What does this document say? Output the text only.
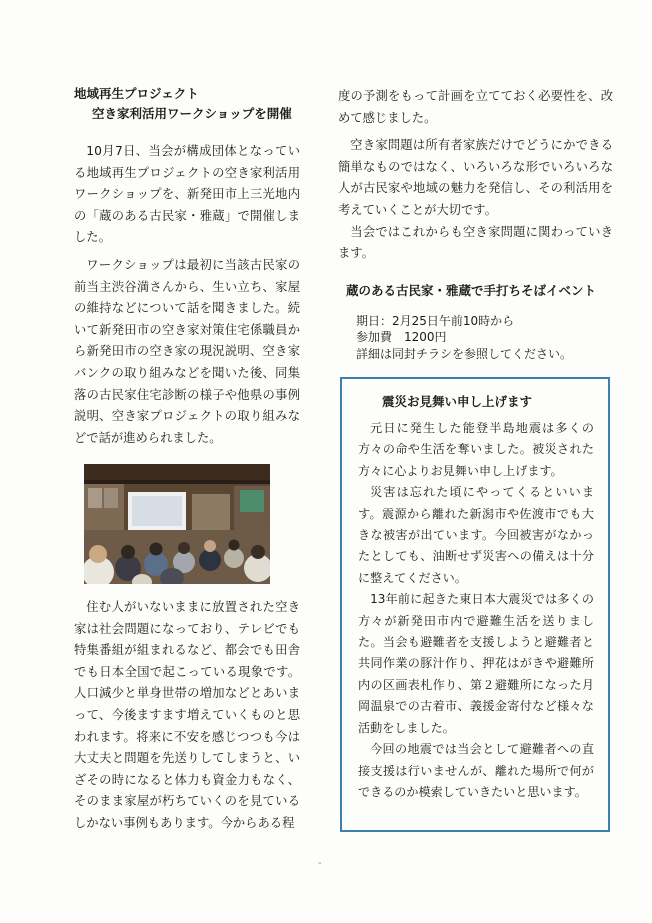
地域再生プロジェクト
空き家利活用ワークショップを開催

10月7日、当会が構成団体となっている地域再生プロジェクトの空き家利活用ワークショップを、新発田市上三光地内の「蔵のある古民家・雅蔵」で開催しました。

ワークショップは最初に当該古民家の前当主渋谷満さんから、生い立ち、家屋の維持などについて話を聞きました。続いて新発田市の空き家対策住宅係職員から新発田市の空き家の現況説明、空き家バンクの取り組みなどを聞いた後、同集落の古民家住宅診断の様子や他県の事例説明、空き家プロジェクトの取り組みなどで話が進められました。

住む人がいないままに放置された空き家は社会問題になっており、テレビでも特集番組が組まれるなど、都会でも田舎でも日本全国で起こっている現象です。人口減少と単身世帯の増加などとあいまって、今後ますます増えていくものと思われます。将来に不安を感じつつも今は大丈夫と問題を先送りしてしまうと、いざその時になると体力も資金力もなく、そのまま家屋が朽ちていくのを見ているしかない事例もあります。今からある程

度の予測をもって計画を立てておく必要性を、改めて感じました。

空き家問題は所有者家族だけでどうにかできる簡単なものではなく、いろいろな形でいろいろな人が古民家や地域の魅力を発信し、その利活用を考えていくことが大切です。

当会ではこれからも空き家問題に関わっていきます。

蔵のある古民家・雅蔵で手打ちそばイベント
期日：2月25日午前10時から
参加費　1200円
詳細は同封チラシを参照してください。
震災お見舞い申し上げます

元日に発生した能登半島地震は多くの方々の命や生活を奪いました。被災された方々に心よりお見舞い申し上げます。

災害は忘れた頃にやってくるといいます。震源から離れた新潟市や佐渡市でも大きな被害が出ています。今回被害がなかったとしても、油断せず災害への備えは十分に整えてください。

13年前に起きた東日本大震災では多くの方々が新発田市内で避難生活を送りました。当会も避難者を支援しようと避難者と共同作業の豚汁作り、押花はがきや避難所内の区画表札作り、第２避難所になった月岡温泉での古着市、義援金寄付など様々な活動をしました。

今回の地震では当会として避難者への直接支援は行いませんが、離れた場所で何ができるのか模索していきたいと思います。

-
